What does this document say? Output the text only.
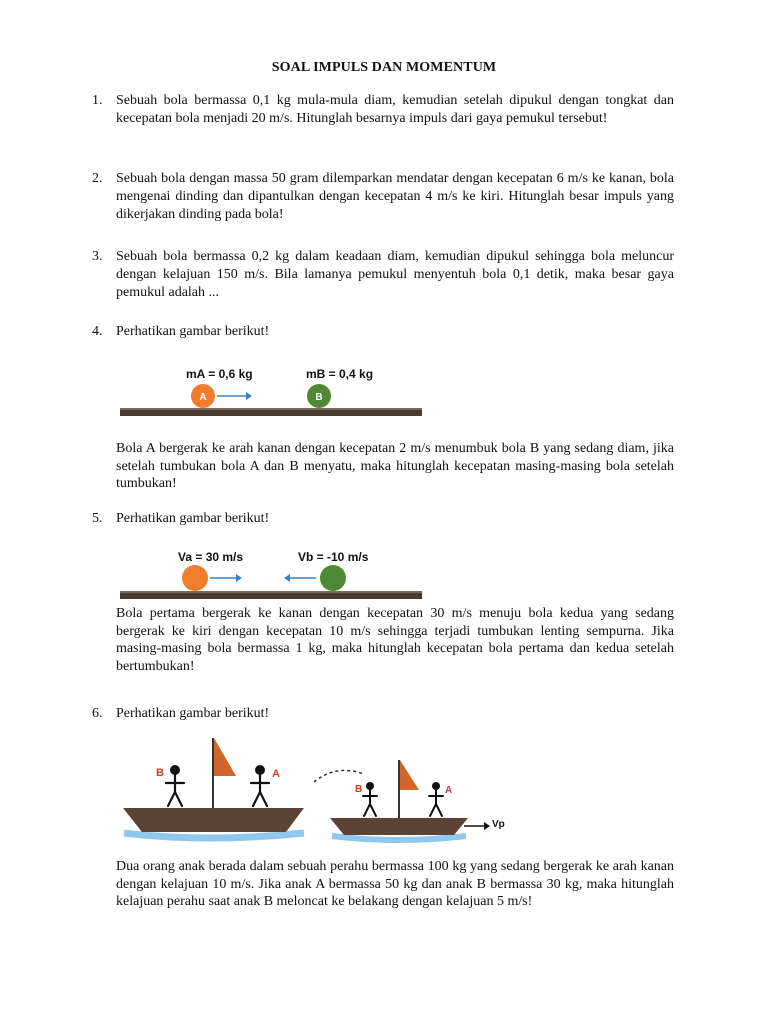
SOAL IMPULS DAN MOMENTUM
1. Sebuah bola bermassa 0,1 kg mula-mula diam, kemudian setelah dipukul dengan tongkat dan kecepatan bola menjadi 20 m/s. Hitunglah besarnya impuls dari gaya pemukul tersebut!
2. Sebuah bola dengan massa 50 gram dilemparkan mendatar dengan kecepatan 6 m/s ke kanan, bola mengenai dinding dan dipantulkan dengan kecepatan 4 m/s ke kiri. Hitunglah besar impuls yang dikerjakan dinding pada bola!
3. Sebuah bola bermassa 0,2 kg dalam keadaan diam, kemudian dipukul sehingga bola meluncur dengan kelajuan 150 m/s. Bila lamanya pemukul menyentuh bola 0,1 detik, maka besar gaya pemukul adalah ...
4. Perhatikan gambar berikut!
mA = 0,6 kg	mB = 0,4 kg
A	B
Bola A bergerak ke arah kanan dengan kecepatan 2 m/s menumbuk bola B yang sedang diam, jika setelah tumbukan bola A dan B menyatu, maka hitunglah kecepatan masing-masing bola setelah tumbukan!
5. Perhatikan gambar berikut!
Va = 30 m/s	Vb = -10 m/s
Bola pertama bergerak ke kanan dengan kecepatan 30 m/s menuju bola kedua yang sedang bergerak ke kiri dengan kecepatan 10 m/s sehingga terjadi tumbukan lenting sempurna. Jika masing-masing bola bermassa 1 kg, maka hitunglah kecepatan bola pertama dan kedua setelah bertumbukan!
6. Perhatikan gambar berikut!
B	A
B	A
Vp
Dua orang anak berada dalam sebuah perahu bermassa 100 kg yang sedang bergerak ke arah kanan dengan kelajuan 10 m/s. Jika anak A bermassa 50 kg dan anak B bermassa 30 kg, maka hitunglah kelajuan perahu saat anak B meloncat ke belakang dengan kelajuan 5 m/s!
